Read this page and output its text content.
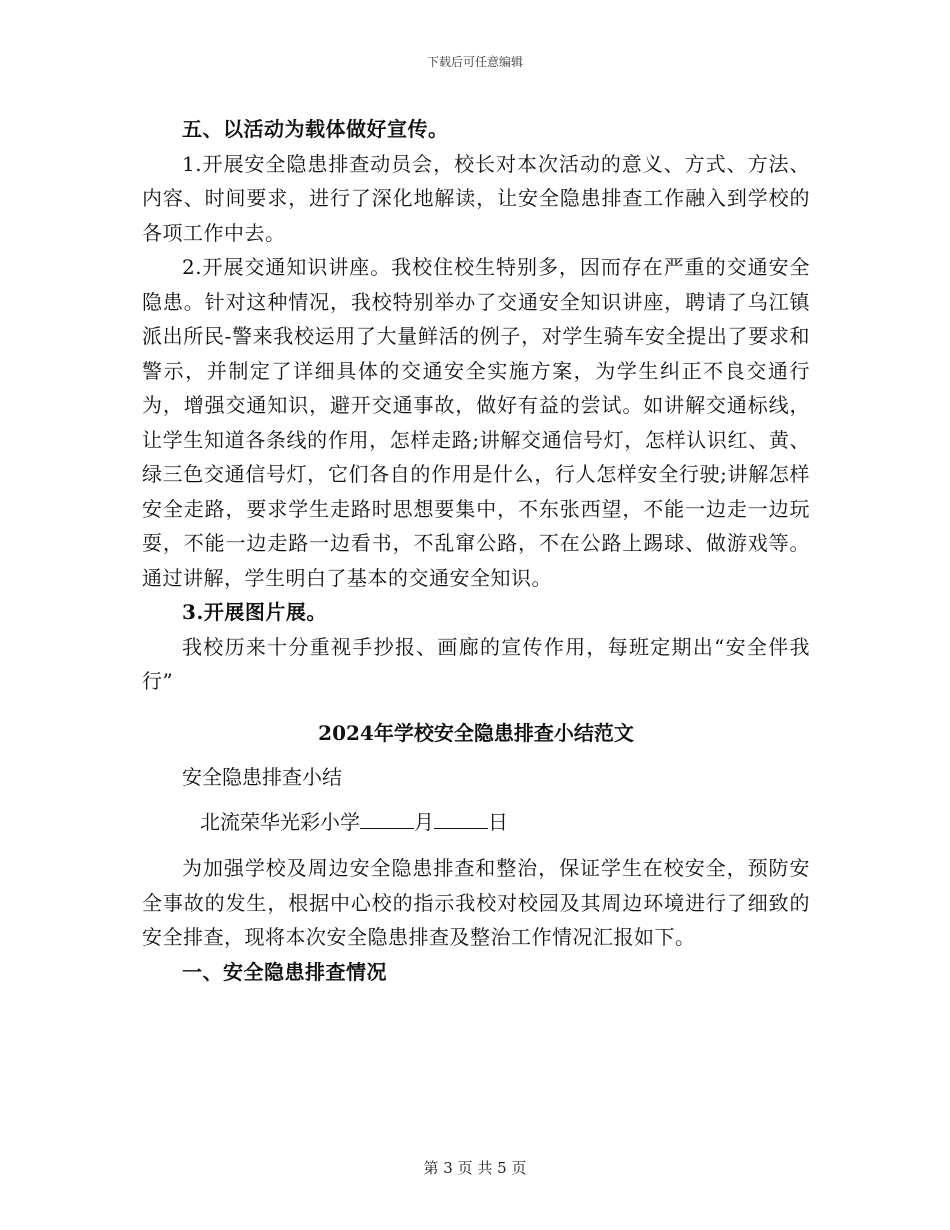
下载后可任意编辑

五、以活动为载体做好宣传。

1.开展安全隐患排查动员会，校长对本次活动的意义、方式、方法、内容、时间要求，进行了深化地解读，让安全隐患排查工作融入到学校的各项工作中去。

2.开展交通知识讲座。我校住校生特别多，因而存在严重的交通安全隐患。针对这种情况，我校特别举办了交通安全知识讲座，聘请了乌江镇派出所民-警来我校运用了大量鲜活的例子，对学生骑车安全提出了要求和警示，并制定了详细具体的交通安全实施方案，为学生纠正不良交通行为，增强交通知识，避开交通事故，做好有益的尝试。如讲解交通标线，让学生知道各条线的作用，怎样走路;讲解交通信号灯，怎样认识红、黄、绿三色交通信号灯，它们各自的作用是什么，行人怎样安全行驶;讲解怎样安全走路，要求学生走路时思想要集中，不东张西望，不能一边走一边玩耍，不能一边走路一边看书，不乱窜公路，不在公路上踢球、做游戏等。通过讲解，学生明白了基本的交通安全知识。

3.开展图片展。

我校历来十分重视手抄报、画廊的宣传作用，每班定期出“安全伴我行”

2024年学校安全隐患排查小结范文

安全隐患排查小结

北流荣华光彩小学	月	日

为加强学校及周边安全隐患排查和整治，保证学生在校安全，预防安全事故的发生，根据中心校的指示我校对校园及其周边环境进行了细致的安全排查，现将本次安全隐患排查及整治工作情况汇报如下。

一、安全隐患排查情况

第 3 页 共 5 页
